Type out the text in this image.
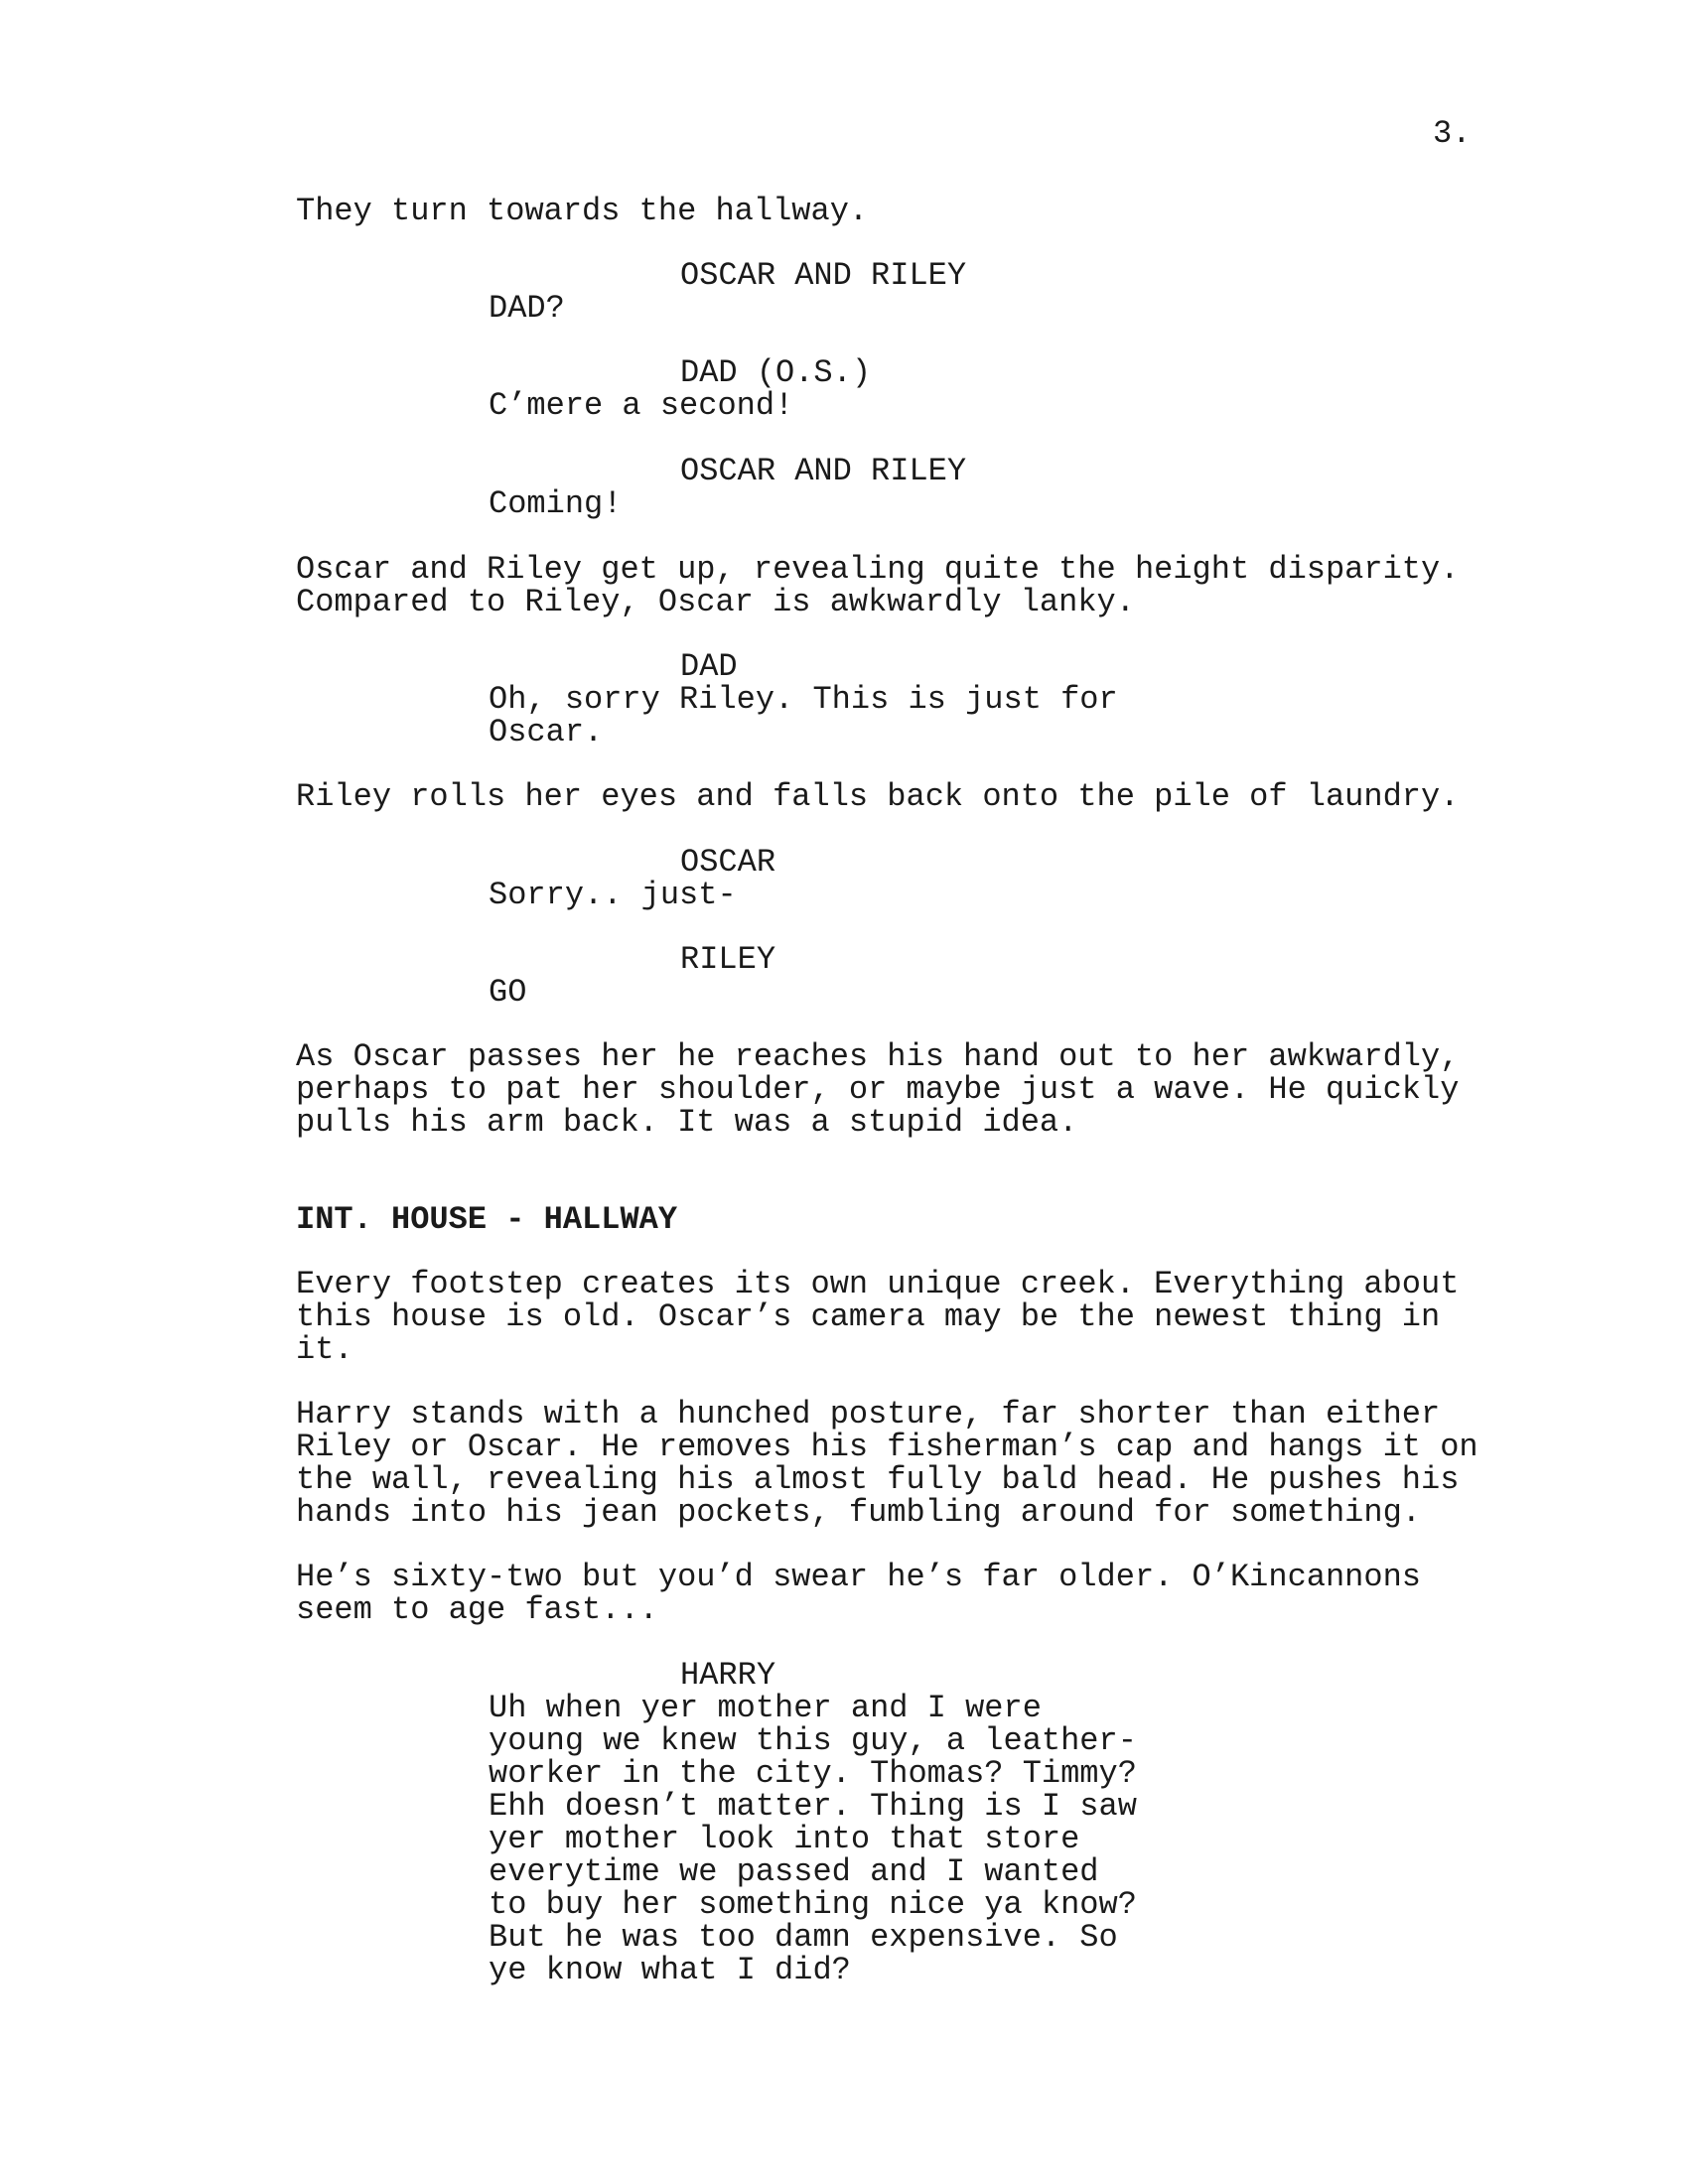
3.
They turn towards the hallway.
OSCAR AND RILEY
DAD?
DAD (O.S.)
C’mere a second!
OSCAR AND RILEY
Coming!
Oscar and Riley get up, revealing quite the height disparity.
Compared to Riley, Oscar is awkwardly lanky.
DAD
Oh, sorry Riley. This is just for
Oscar.
Riley rolls her eyes and falls back onto the pile of laundry.
OSCAR
Sorry.. just-
RILEY
GO
As Oscar passes her he reaches his hand out to her awkwardly,
perhaps to pat her shoulder, or maybe just a wave. He quickly
pulls his arm back. It was a stupid idea.
INT. HOUSE - HALLWAY
Every footstep creates its own unique creek. Everything about
this house is old. Oscar’s camera may be the newest thing in
it.
Harry stands with a hunched posture, far shorter than either
Riley or Oscar. He removes his fisherman’s cap and hangs it on
the wall, revealing his almost fully bald head. He pushes his
hands into his jean pockets, fumbling around for something.
He’s sixty-two but you’d swear he’s far older. O’Kincannons
seem to age fast...
HARRY
Uh when yer mother and I were
young we knew this guy, a leather-
worker in the city. Thomas? Timmy?
Ehh doesn’t matter. Thing is I saw
yer mother look into that store
everytime we passed and I wanted
to buy her something nice ya know?
But he was too damn expensive. So
ye know what I did?
